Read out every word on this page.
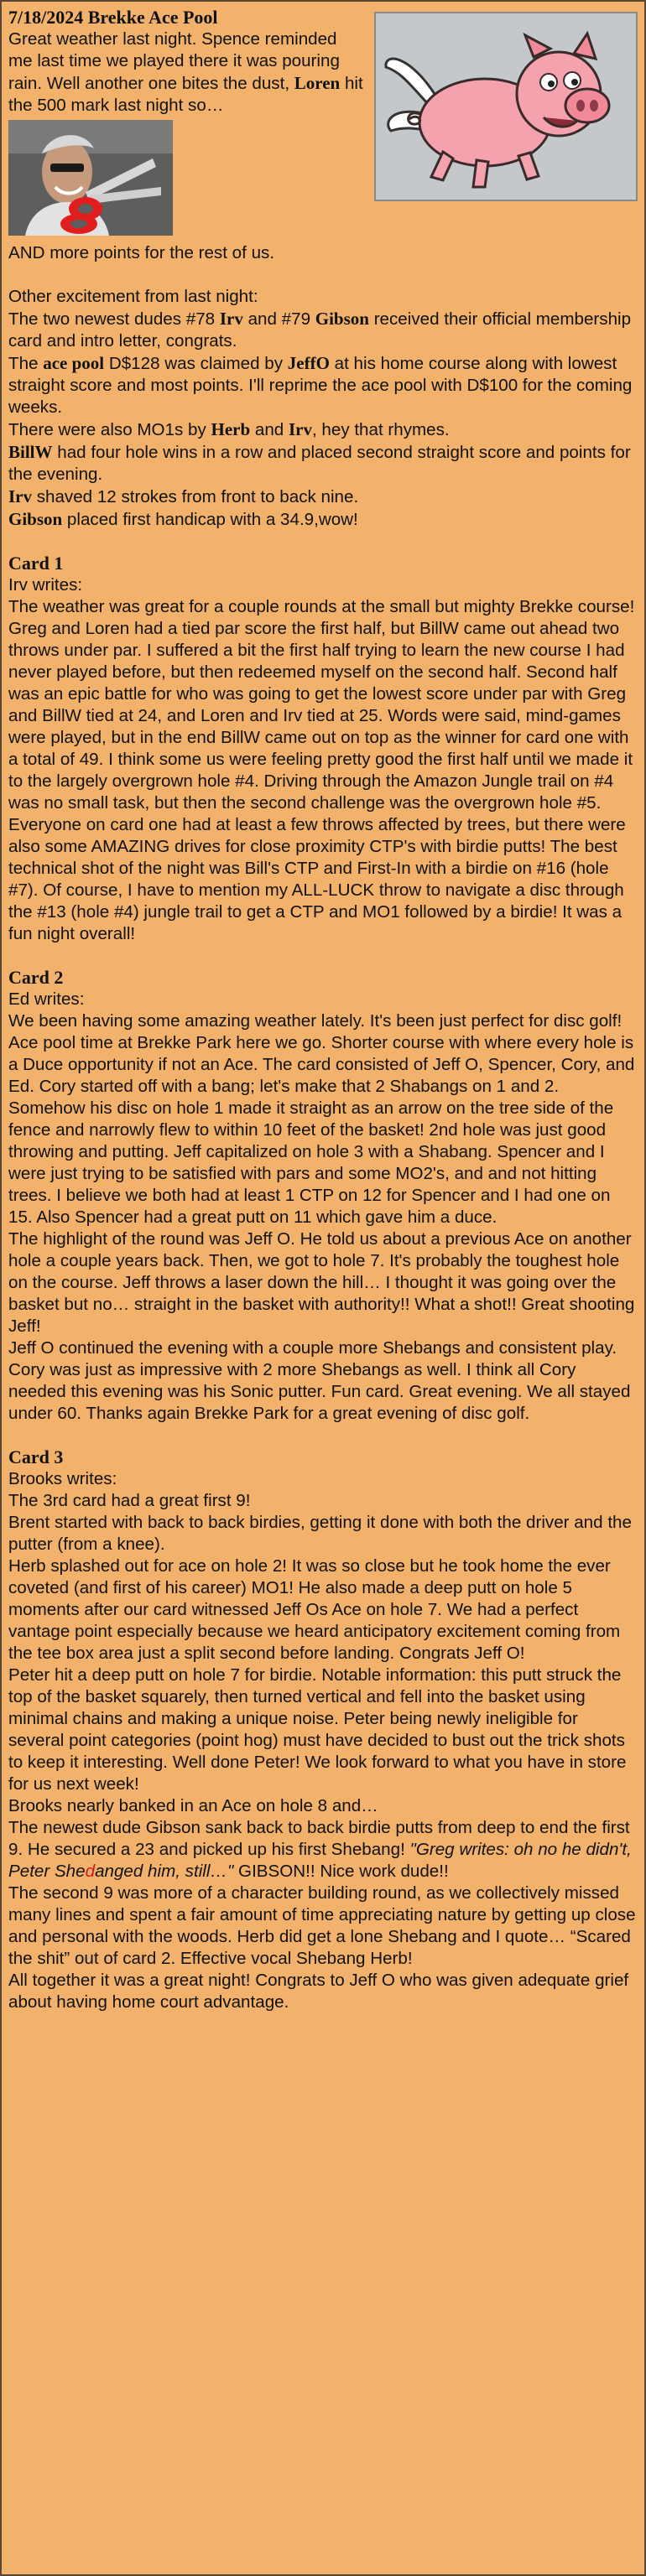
7/18/2024 Brekke Ace Pool

Great weather last night. Spence reminded me last time we played there it was pouring rain. Well another one bites the dust, Loren hit the 500 mark last night so…

AND more points for the rest of us.

Other excitement from last night:

The two newest dudes #78 Irv and #79 Gibson received their official membership card and intro letter, congrats.

The ace pool D$128 was claimed by JeffO at his home course along with lowest straight score and most points. I'll reprime the ace pool with D$100 for the coming weeks.

There were also MO1s by Herb and Irv, hey that rhymes.

BillW had four hole wins in a row and placed second straight score and points for the evening.

Irv shaved 12 strokes from front to back nine.

Gibson placed first handicap with a 34.9,wow!

Card 1

Irv writes:

The weather was great for a couple rounds at the small but mighty Brekke course! Greg and Loren had a tied par score the first half, but BillW came out ahead two throws under par. I suffered a bit the first half trying to learn the new course I had never played before, but then redeemed myself on the second half. Second half was an epic battle for who was going to get the lowest score under par with Greg and BillW tied at 24, and Loren and Irv tied at 25. Words were said, mind-games were played, but in the end BillW came out on top as the winner for card one with a total of 49. I think some us were feeling pretty good the first half until we made it to the largely overgrown hole #4. Driving through the Amazon Jungle trail on #4 was no small task, but then the second challenge was the overgrown hole #5. Everyone on card one had at least a few throws affected by trees, but there were also some AMAZING drives for close proximity CTP's with birdie putts! The best technical shot of the night was Bill's CTP and First-In with a birdie on #16 (hole #7). Of course, I have to mention my ALL-LUCK throw to navigate a disc through the #13 (hole #4) jungle trail to get a CTP and MO1 followed by a birdie! It was a fun night overall!

Card 2

Ed writes:

We been having some amazing weather lately. It's been just perfect for disc golf! Ace pool time at Brekke Park here we go. Shorter course with where every hole is a Duce opportunity if not an Ace. The card consisted of Jeff O, Spencer, Cory, and Ed. Cory started off with a bang; let's make that 2 Shabangs on 1 and 2. Somehow his disc on hole 1 made it straight as an arrow on the tree side of the fence and narrowly flew to within 10 feet of the basket! 2nd hole was just good throwing and putting. Jeff capitalized on hole 3 with a Shabang. Spencer and I were just trying to be satisfied with pars and some MO2's, and and not hitting trees. I believe we both had at least 1 CTP on 12 for Spencer and I had one on 15. Also Spencer had a great putt on 11 which gave him a duce.

The highlight of the round was Jeff O. He told us about a previous Ace on another hole a couple years back. Then, we got to hole 7. It's probably the toughest hole on the course. Jeff throws a laser down the hill… I thought it was going over the basket but no… straight in the basket with authority!! What a shot!! Great shooting Jeff!

Jeff O continued the evening with a couple more Shebangs and consistent play. Cory was just as impressive with 2 more Shebangs as well. I think all Cory needed this evening was his Sonic putter. Fun card. Great evening. We all stayed under 60. Thanks again Brekke Park for a great evening of disc golf.

Card 3

Brooks writes:

The 3rd card had a great first 9!

Brent started with back to back birdies, getting it done with both the driver and the putter (from a knee).

Herb splashed out for ace on hole 2! It was so close but he took home the ever coveted (and first of his career) MO1! He also made a deep putt on hole 5 moments after our card witnessed Jeff Os Ace on hole 7. We had a perfect vantage point especially because we heard anticipatory excitement coming from the tee box area just a split second before landing. Congrats Jeff O!

Peter hit a deep putt on hole 7 for birdie. Notable information: this putt struck the top of the basket squarely, then turned vertical and fell into the basket using minimal chains and making a unique noise. Peter being newly ineligible for several point categories (point hog) must have decided to bust out the trick shots to keep it interesting. Well done Peter! We look forward to what you have in store for us next week!

Brooks nearly banked in an Ace on hole 8 and…

The newest dude Gibson sank back to back birdie putts from deep to end the first 9. He secured a 23 and picked up his first Shebang! "Greg writes: oh no he didn't, Peter Shedanged him, still…" GIBSON!! Nice work dude!!

The second 9 was more of a character building round, as we collectively missed many lines and spent a fair amount of time appreciating nature by getting up close and personal with the woods. Herb did get a lone Shebang and I quote… “Scared the shit” out of card 2. Effective vocal Shebang Herb!

All together it was a great night! Congrats to Jeff O who was given adequate grief about having home court advantage.
